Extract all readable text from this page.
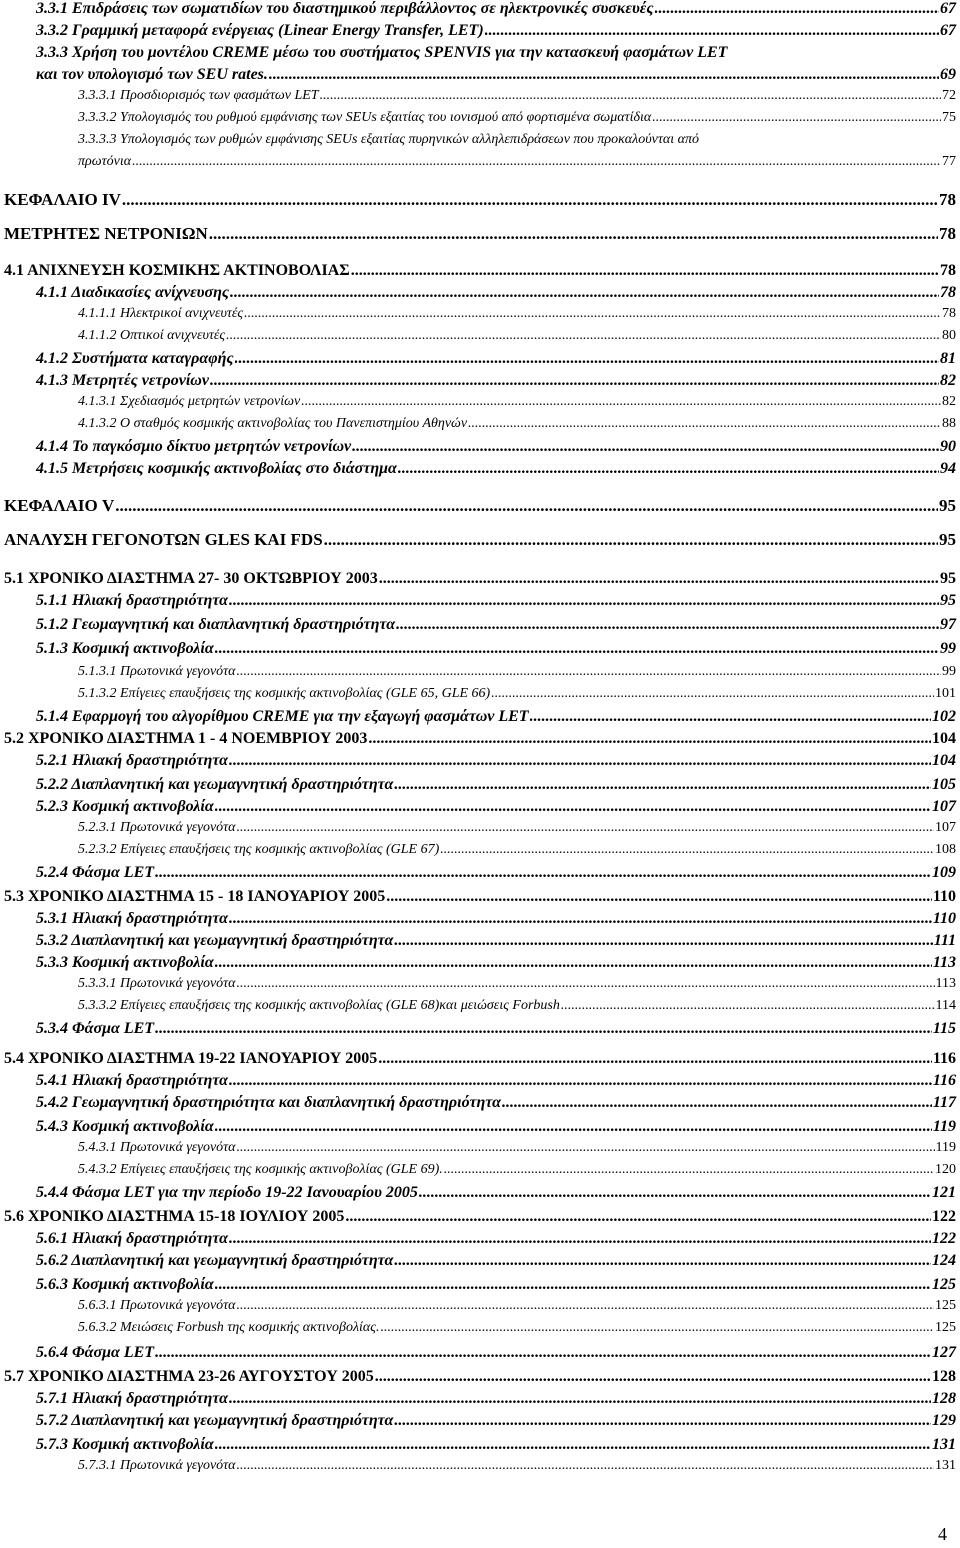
3.3.1 Επιδράσεις των σωματιδίων του διαστημικού περιβάλλοντος σε ηλεκτρονικές συσκευές .....	67
3.3.2 Γραμμική μεταφορά ενέργειας (Linear Energy Transfer, LET) .....	67
3.3.3 Χρήση του μοντέλου CREME μέσω του συστήματος SPENVIS για την κατασκευή φασμάτων LET
και τον υπολογισμό των SEU rates. .....	69
3.3.3.1 Προσδιορισμός των φασμάτων LET .....	72
3.3.3.2 Υπολογισμός του ρυθμού εμφάνισης των SEUs εξαιτίας του ιονισμού από φορτισμένα σωματίδια .....	75
3.3.3.3 Υπολογισμός των ρυθμών εμφάνισης SEUs εξαιτίας πυρηνικών αλληλεπιδράσεων που προκαλούνται από
πρωτόνια .....	77
ΚΕΦΑΛΑΙΟ IV .....	78
ΜΕΤΡΗΤΕΣ ΝΕΤΡΟΝΙΩΝ .....	78
4.1 ΑΝΙΧΝΕΥΣΗ ΚΟΣΜΙΚΗΣ ΑΚΤΙΝΟΒΟΛΙΑΣ .....	78
4.1.1 Διαδικασίες ανίχνευσης .....	78
4.1.1.1 Ηλεκτρικοί ανιχνευτές .....	78
4.1.1.2 Οπτικοί ανιχνευτές .....	80
4.1.2 Συστήματα καταγραφής .....	81
4.1.3 Μετρητές νετρονίων .....	82
4.1.3.1 Σχεδιασμός μετρητών νετρονίων .....	82
4.1.3.2 Ο σταθμός κοσμικής ακτινοβολίας του Πανεπιστημίου Αθηνών .....	88
4.1.4 Το παγκόσμιο δίκτυο μετρητών νετρονίων .....	90
4.1.5 Μετρήσεις κοσμικής ακτινοβολίας στο διάστημα .....	94
ΚΕΦΑΛΑΙΟ V .....	95
ΑΝΑΛΥΣΗ ΓΕΓΟΝΟΤΩΝ GLES ΚΑΙ FDS .....	95
5.1 ΧΡΟΝΙΚΟ ΔΙΑΣΤΗΜΑ 27- 30 ΟΚΤΩΒΡΙΟΥ 2003 .....	95
5.1.1 Ηλιακή δραστηριότητα .....	95
5.1.2 Γεωμαγνητική και διαπλανητική δραστηριότητα .....	97
5.1.3 Κοσμική ακτινοβολία .....	99
5.1.3.1 Πρωτονικά γεγονότα .....	99
5.1.3.2 Επίγειες επαυξήσεις της κοσμικής ακτινοβολίας (GLE 65, GLE 66) .....	101
5.1.4 Εφαρμογή του αλγορίθμου CREME για την εξαγωγή φασμάτων LET .....	102
5.2 ΧΡΟΝΙΚΟ ΔΙΑΣΤΗΜΑ 1 - 4 ΝΟΕΜΒΡΙΟΥ 2003 .....	104
5.2.1 Ηλιακή δραστηριότητα .....	104
5.2.2 Διαπλανητική και γεωμαγνητική δραστηριότητα .....	105
5.2.3 Κοσμική ακτινοβολία .....	107
5.2.3.1 Πρωτονικά γεγονότα .....	107
5.2.3.2 Επίγειες επαυξήσεις της κοσμικής ακτινοβολίας (GLE 67) .....	108
5.2.4 Φάσμα LET .....	109
5.3 ΧΡΟΝΙΚΟ ΔΙΑΣΤΗΜΑ 15 - 18 ΙΑΝΟΥΑΡΙΟΥ 2005 .....	110
5.3.1 Ηλιακή δραστηριότητα .....	110
5.3.2 Διαπλανητική και γεωμαγνητική δραστηριότητα .....	111
5.3.3 Κοσμική ακτινοβολία .....	113
5.3.3.1 Πρωτονικά γεγονότα .....	113
5.3.3.2 Επίγειες επαυξήσεις της κοσμικής ακτινοβολίας (GLE 68)και μειώσεις Forbush .....	114
5.3.4 Φάσμα LET .....	115
5.4 ΧΡΟΝΙΚΟ ΔΙΑΣΤΗΜΑ 19-22 ΙΑΝΟΥΑΡΙΟΥ 2005 .....	116
5.4.1 Ηλιακή δραστηριότητα .....	116
5.4.2 Γεωμαγνητική δραστηριότητα και διαπλανητική δραστηριότητα .....	117
5.4.3 Κοσμική ακτινοβολία .....	119
5.4.3.1 Πρωτονικά γεγονότα .....	119
5.4.3.2 Επίγειες επαυξήσεις της κοσμικής ακτινοβολίας (GLE 69). .....	120
5.4.4 Φάσμα LET για την περίοδο 19-22 Ιανουαρίου 2005 .....	121
5.6 ΧΡΟΝΙΚΟ ΔΙΑΣΤΗΜΑ 15-18 ΙΟΥΛΙΟΥ 2005 .....	122
5.6.1 Ηλιακή δραστηριότητα .....	122
5.6.2 Διαπλανητική και γεωμαγνητική δραστηριότητα .....	124
5.6.3 Κοσμική ακτινοβολία .....	125
5.6.3.1 Πρωτονικά γεγονότα .....	125
5.6.3.2 Μειώσεις Forbush της κοσμικής ακτινοβολίας. .....	125
5.6.4 Φάσμα LET .....	127
5.7 ΧΡΟΝΙΚΟ ΔΙΑΣΤΗΜΑ 23-26 ΑΥΓΟΥΣΤΟΥ 2005 .....	128
5.7.1 Ηλιακή δραστηριότητα .....	128
5.7.2 Διαπλανητική και γεωμαγνητική δραστηριότητα .....	129
5.7.3 Κοσμική ακτινοβολία .....	131
5.7.3.1 Πρωτονικά γεγονότα .....	131
4
